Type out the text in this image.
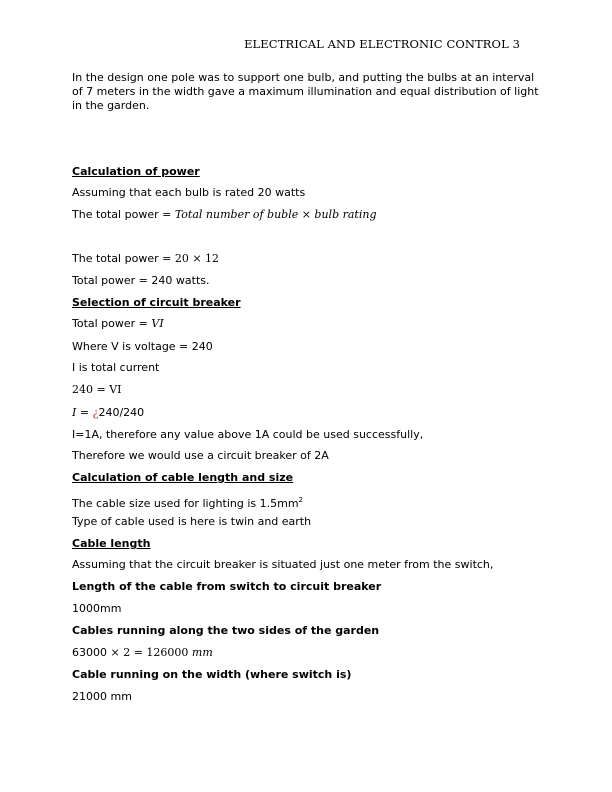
ELECTRICAL AND ELECTRONIC CONTROL 3
In the design one pole was to support one bulb, and putting the bulbs at an interval of 7 meters in the width gave a maximum illumination and equal distribution of light in the garden.
Calculation of power
Assuming that each bulb is rated 20 watts
The total power = Total number of buble × bulb rating
The total power = 20 × 12
Total power = 240 watts.
Selection of circuit breaker
Total power = VI
Where V is voltage = 240
I is total current
240 = VI
I = ¿240/240
I=1A, therefore any value above 1A could be used successfully,
Therefore we would use a circuit breaker of 2A
Calculation of cable length and size
The cable size used for lighting is $1.5mm^2$
Type of cable used is here is twin and earth
Cable length
Assuming that the circuit breaker is situated just one meter from the switch,
Length of the cable from switch to circuit breaker
1000mm
Cables running along the two sides of the garden
63000 × 2 = 126000 mm
Cable running on the width (where switch is)
21000 mm
